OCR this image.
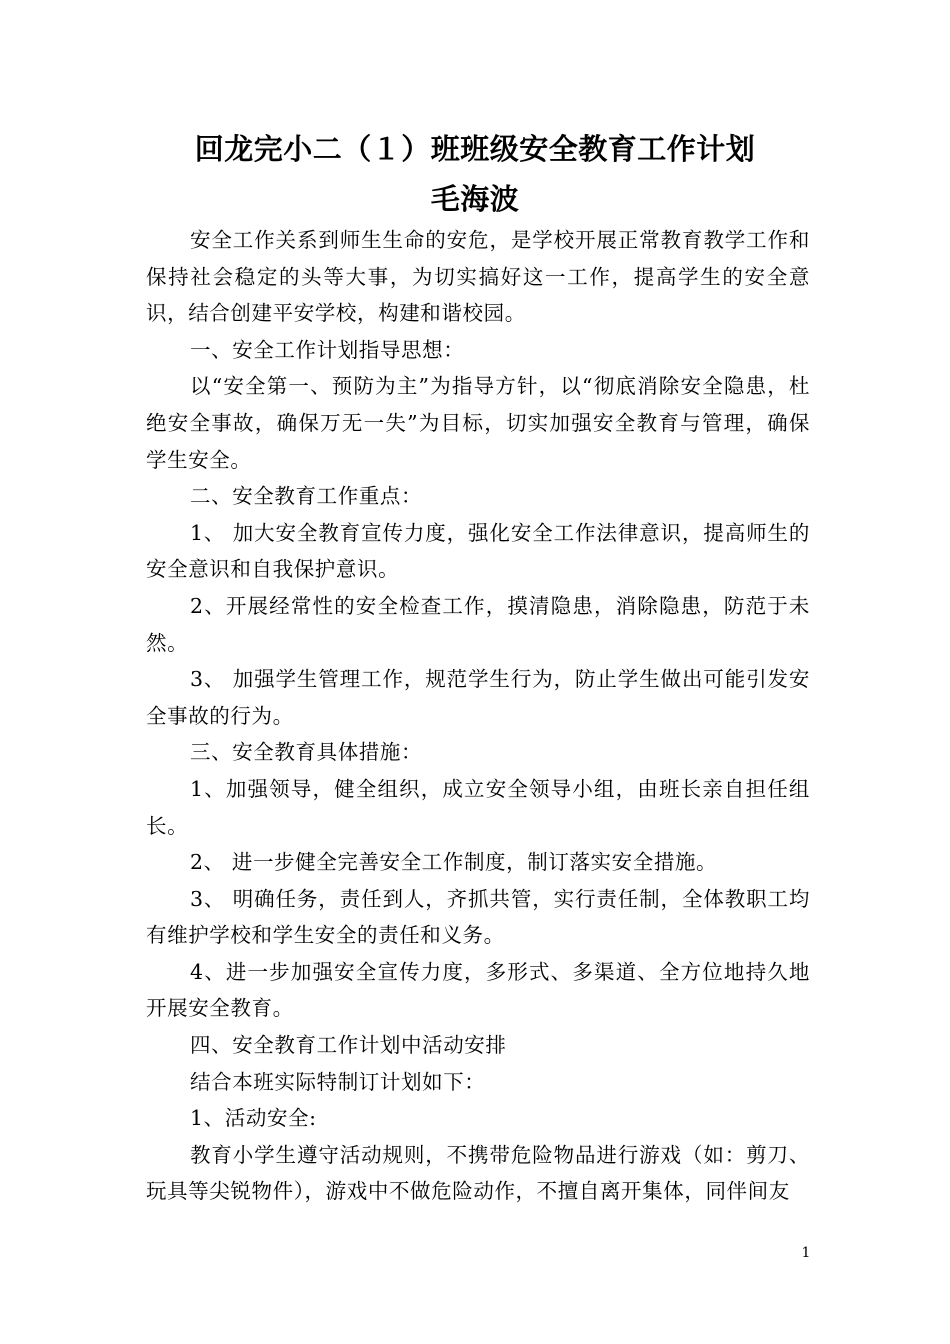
回龙完小二（１）班班级安全教育工作计划
毛海波

安全工作关系到师生生命的安危，是学校开展正常教育教学工作和保持社会稳定的头等大事，为切实搞好这一工作，提高学生的安全意识，结合创建平安学校，构建和谐校园。

一、安全工作计划指导思想：

以“安全第一、预防为主”为指导方针，以“彻底消除安全隐患，杜绝安全事故，确保万无一失”为目标，切实加强安全教育与管理，确保学生安全。

二、安全教育工作重点：

1、 加大安全教育宣传力度，强化安全工作法律意识，提高师生的安全意识和自我保护意识。

2、开展经常性的安全检查工作，摸清隐患，消除隐患，防范于未然。

3、 加强学生管理工作，规范学生行为，防止学生做出可能引发安全事故的行为。

三、安全教育具体措施：

1、加强领导，健全组织，成立安全领导小组，由班长亲自担任组长。

2、 进一步健全完善安全工作制度，制订落实安全措施。

3、 明确任务，责任到人，齐抓共管，实行责任制，全体教职工均有维护学校和学生安全的责任和义务。

4、进一步加强安全宣传力度，多形式、多渠道、全方位地持久地开展安全教育。

四、安全教育工作计划中活动安排

结合本班实际特制订计划如下：

1、活动安全:

教育小学生遵守活动规则，不携带危险物品进行游戏（如：剪刀、玩具等尖锐物件），游戏中不做危险动作，不擅自离开集体，同伴间友

1
